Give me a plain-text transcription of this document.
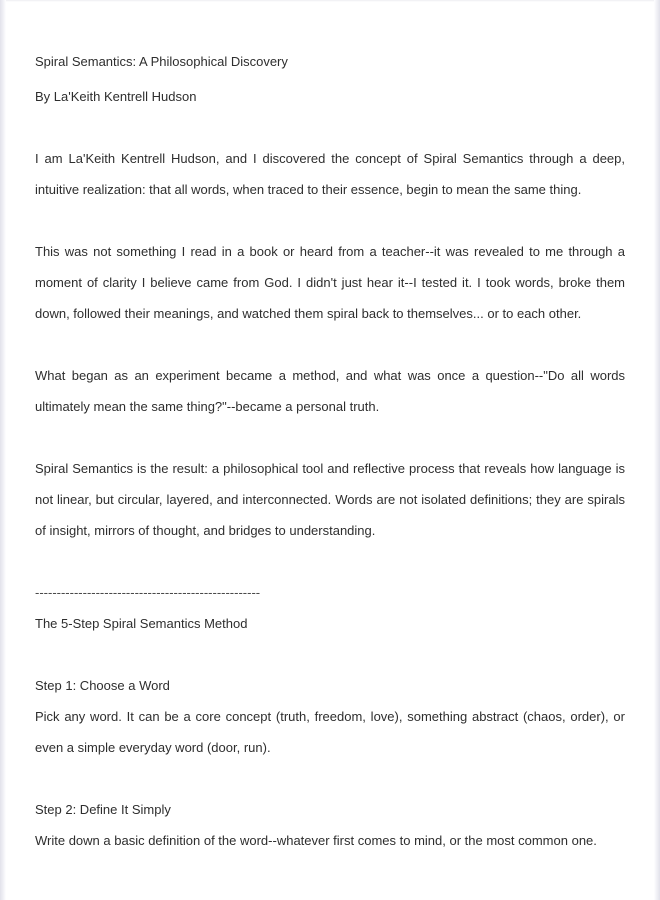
Spiral Semantics: A Philosophical Discovery

By La'Keith Kentrell Hudson

I am La'Keith Kentrell Hudson, and I discovered the concept of Spiral Semantics through a deep, intuitive realization: that all words, when traced to their essence, begin to mean the same thing.

This was not something I read in a book or heard from a teacher--it was revealed to me through a moment of clarity I believe came from God. I didn't just hear it--I tested it. I took words, broke them down, followed their meanings, and watched them spiral back to themselves... or to each other.

What began as an experiment became a method, and what was once a question--"Do all words ultimately mean the same thing?"--became a personal truth.

Spiral Semantics is the result: a philosophical tool and reflective process that reveals how language is not linear, but circular, layered, and interconnected. Words are not isolated definitions; they are spirals of insight, mirrors of thought, and bridges to understanding.

----------------------------------------------------

The 5-Step Spiral Semantics Method

Step 1: Choose a Word

Pick any word. It can be a core concept (truth, freedom, love), something abstract (chaos, order), or even a simple everyday word (door, run).

Step 2: Define It Simply

Write down a basic definition of the word--whatever first comes to mind, or the most common one.
